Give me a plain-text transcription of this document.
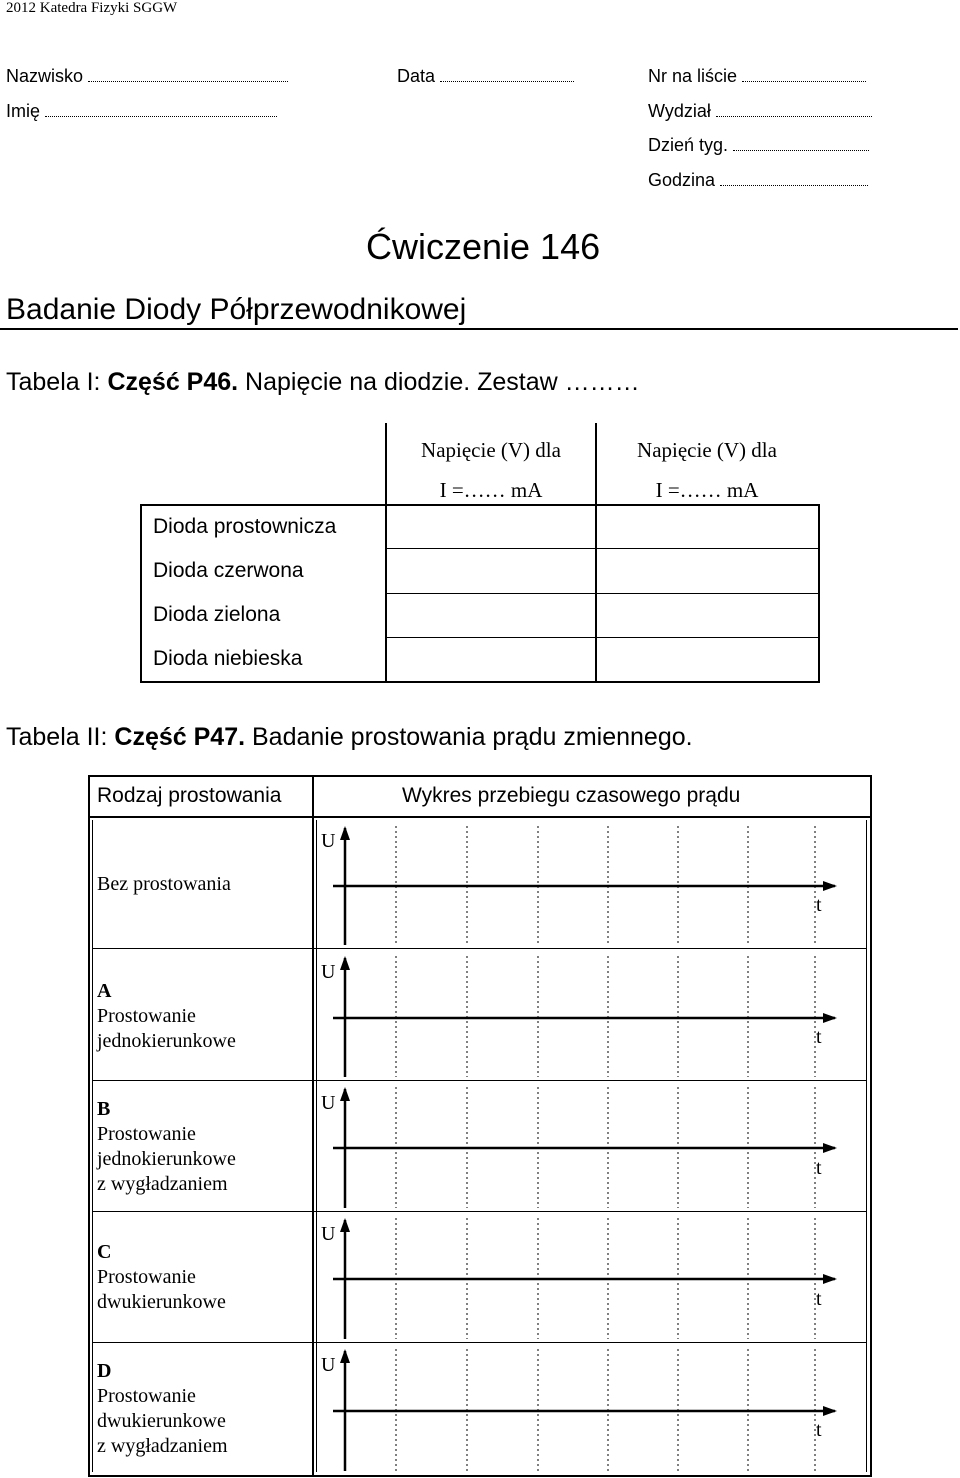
2012 Katedra Fizyki SGGW
Nazwisko
Imię
Data	Nr na liście
Wydział
Dzień tyg.
Godzina
Ćwiczenie 146
Badanie Diody Półprzewodnikowej
Tabela I: Część P46. Napięcie na diodzie. Zestaw ………
Napięcie (V) dla
I =…… mA
Napięcie (V) dla
I =…… mA
Dioda prostownicza
Dioda czerwona
Dioda zielona
Dioda niebieska
Tabela II: Część P47. Badanie prostowania prądu zmiennego.
Rodzaj prostowania	Wykres przebiegu czasowego prądu
Bez prostowania
A
Prostowanie
jednokierunkowe
B
Prostowanie
jednokierunkowe
z wygładzaniem
C
Prostowanie
dwukierunkowe
D
Prostowanie
dwukierunkowe
z wygładzaniem
U
t
U
t
U
t
U
t
U
t
